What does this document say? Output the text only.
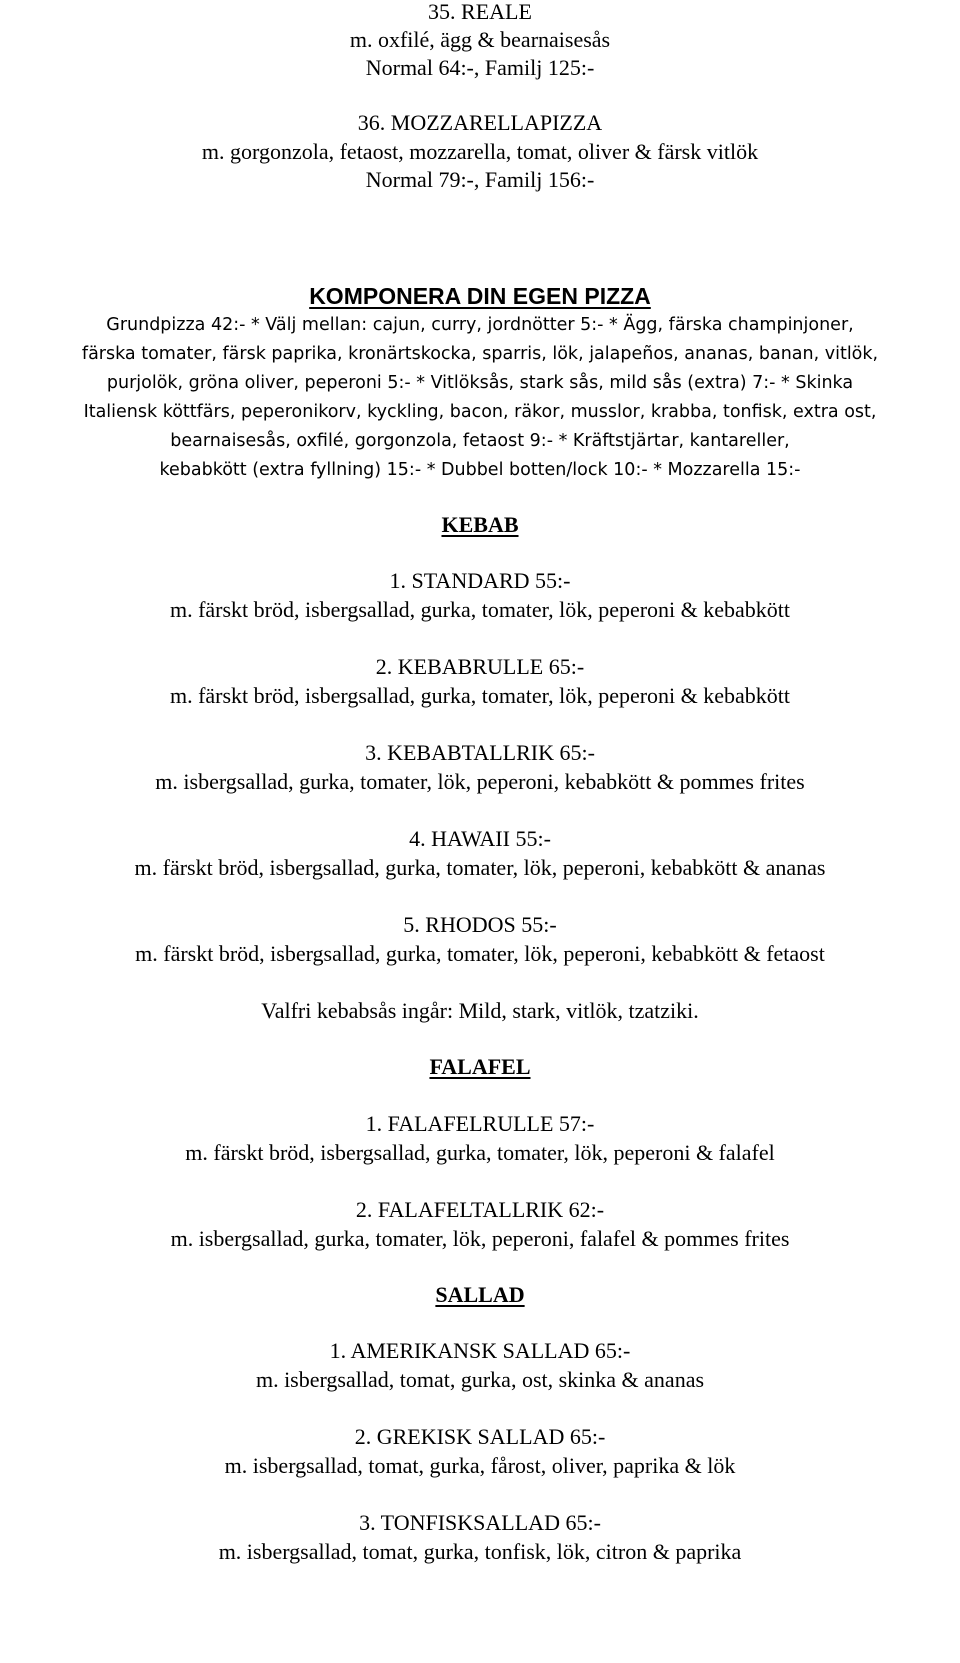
35. REALE
m. oxfilé, ägg & bearnaisesås
Normal 64:-, Familj 125:-
36. MOZZARELLAPIZZA
m. gorgonzola, fetaost, mozzarella, tomat, oliver & färsk vitlök
Normal 79:-, Familj 156:-
KOMPONERA DIN EGEN PIZZA
Grundpizza 42:- * Välj mellan: cajun, curry, jordnötter 5:- * Ägg, färska champinjoner,
färska tomater, färsk paprika, kronärtskocka, sparris, lök, jalapeños, ananas, banan, vitlök,
purjolök, gröna oliver, peperoni 5:- * Vitlöksås, stark sås, mild sås (extra) 7:- * Skinka
Italiensk köttfärs, peperonikorv, kyckling, bacon, räkor, musslor, krabba, tonfisk, extra ost,
bearnaisesås, oxfilé, gorgonzola, fetaost 9:- * Kräftstjärtar, kantareller,
kebabkött (extra fyllning) 15:- * Dubbel botten/lock 10:- * Mozzarella 15:-
KEBAB
1. STANDARD 55:-
m. färskt bröd, isbergsallad, gurka, tomater, lök, peperoni & kebabkött
2. KEBABRULLE 65:-
m. färskt bröd, isbergsallad, gurka, tomater, lök, peperoni & kebabkött
3. KEBABTALLRIK 65:-
m. isbergsallad, gurka, tomater, lök, peperoni, kebabkött & pommes frites
4. HAWAII 55:-
m. färskt bröd, isbergsallad, gurka, tomater, lök, peperoni, kebabkött & ananas
5. RHODOS 55:-
m. färskt bröd, isbergsallad, gurka, tomater, lök, peperoni, kebabkött & fetaost
Valfri kebabsås ingår: Mild, stark, vitlök, tzatziki.
FALAFEL
1. FALAFELRULLE 57:-
m. färskt bröd, isbergsallad, gurka, tomater, lök, peperoni & falafel
2. FALAFELTALLRIK 62:-
m. isbergsallad, gurka, tomater, lök, peperoni, falafel & pommes frites
SALLAD
1. AMERIKANSK SALLAD 65:-
m. isbergsallad, tomat, gurka, ost, skinka & ananas
2. GREKISK SALLAD 65:-
m. isbergsallad, tomat, gurka, fårost, oliver, paprika & lök
3. TONFISKSALLAD 65:-
m. isbergsallad, tomat, gurka, tonfisk, lök, citron & paprika
